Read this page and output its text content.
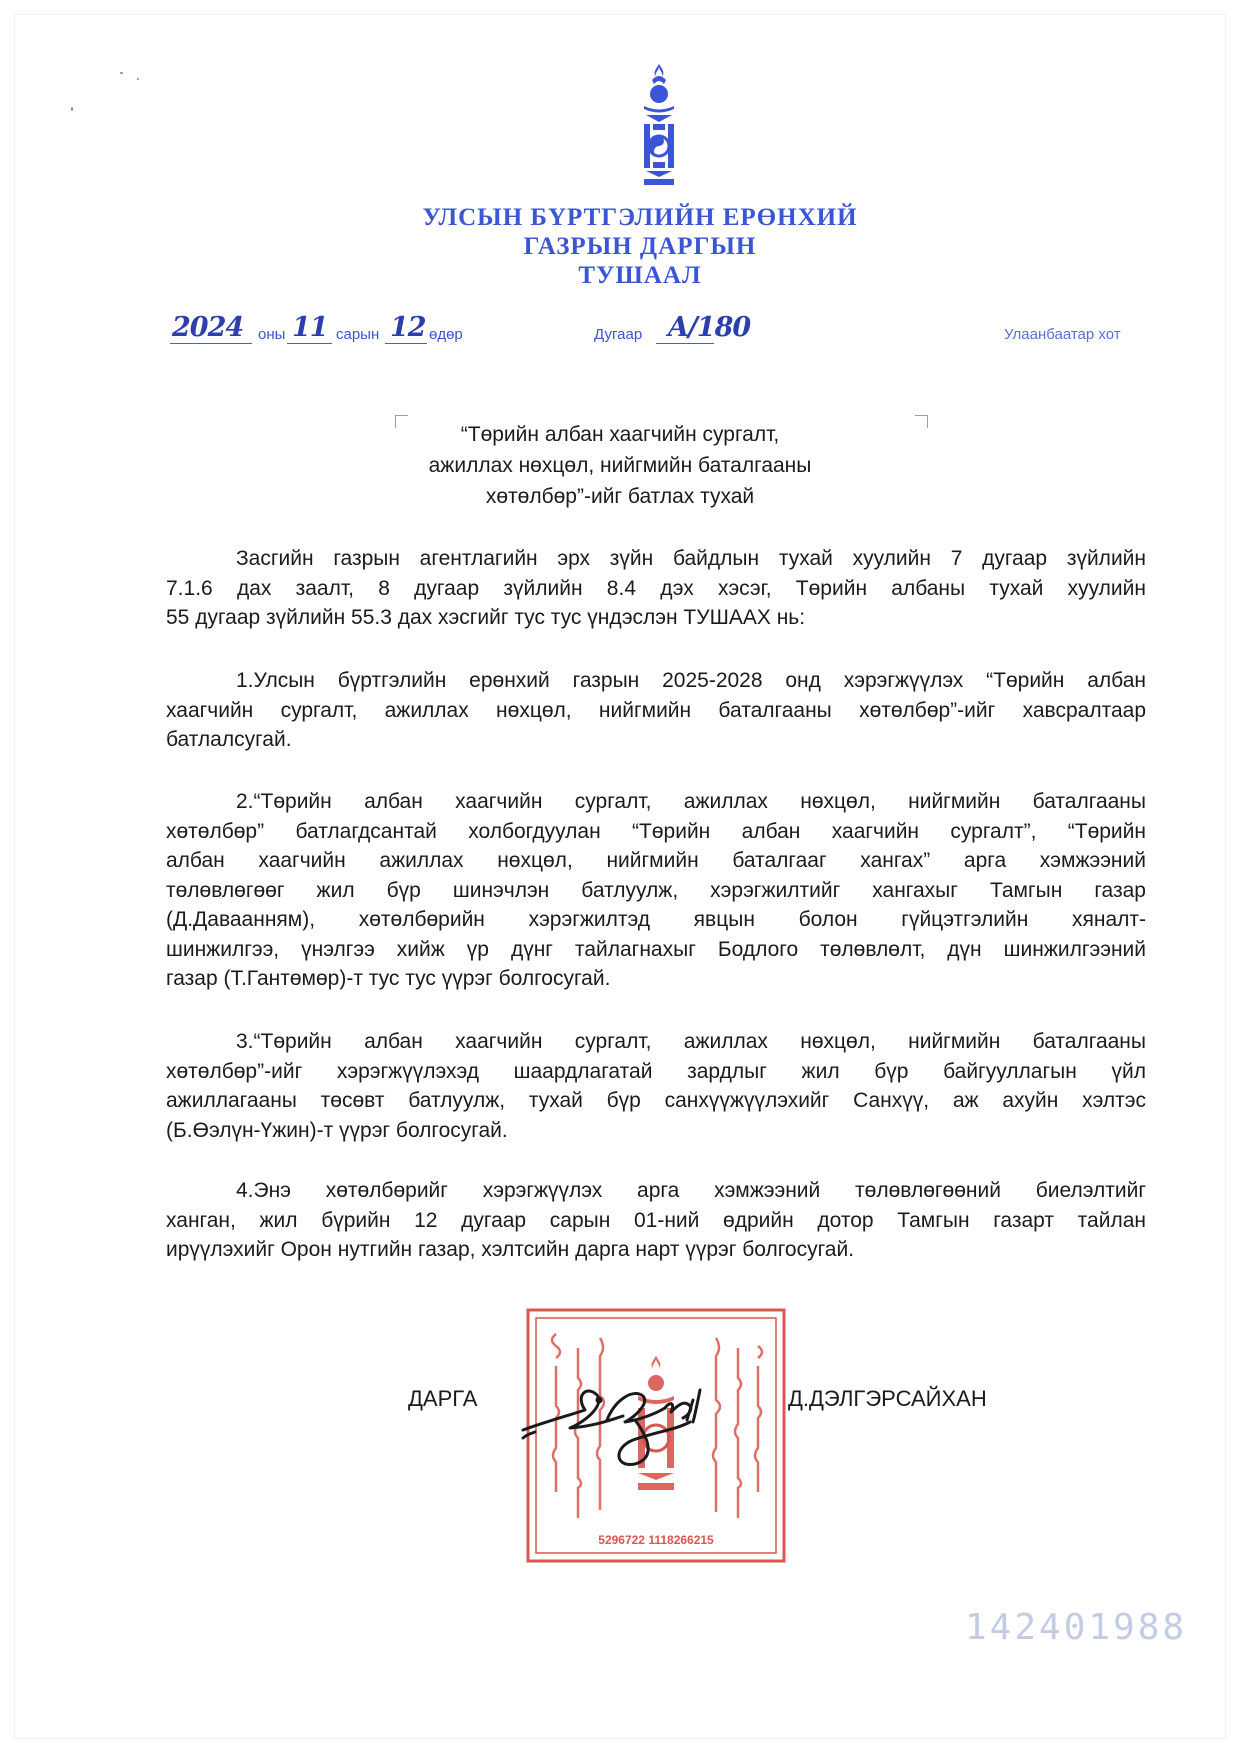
УЛСЫН БҮРТГЭЛИЙН ЕРӨНХИЙ
ГАЗРЫН ДАРГЫН
ТУШААЛ
2024 оны 11 сарын 12 өдөр	Дугаар A/180	Улаанбаатар хот
“Төрийн албан хаагчийн сургалт,
ажиллах нөхцөл, нийгмийн баталгааны
хөтөлбөр”-ийг батлах тухай
Засгийн газрын агентлагийн эрх зүйн байдлын тухай хуулийн 7 дугаар зүйлийн
7.1.6 дах заалт, 8 дугаар зүйлийн 8.4 дэх хэсэг, Төрийн албаны тухай хуулийн
55 дугаар зүйлийн 55.3 дах хэсгийг тус тус үндэслэн ТУШААХ нь:
1.Улсын бүртгэлийн ерөнхий газрын 2025-2028 онд хэрэгжүүлэх “Төрийн албан
хаагчийн сургалт, ажиллах нөхцөл, нийгмийн баталгааны хөтөлбөр”-ийг хавсралтаар
батлалсугай.
2.“Төрийн албан хаагчийн сургалт, ажиллах нөхцөл, нийгмийн баталгааны
хөтөлбөр” батлагдсантай холбогдуулан “Төрийн албан хаагчийн сургалт”, “Төрийн
албан хаагчийн ажиллах нөхцөл, нийгмийн баталгааг хангах” арга хэмжээний
төлөвлөгөөг жил бүр шинэчлэн батлуулж, хэрэгжилтийг хангахыг Тамгын газар
(Д.Даваанням), хөтөлбөрийн хэрэгжилтэд явцын болон гүйцэтгэлийн хяналт-
шинжилгээ, үнэлгээ хийж үр дүнг тайлагнахыг Бодлого төлөвлөлт, дүн шинжилгээний
газар (Т.Гантөмөр)-т тус тус үүрэг болгосугай.
3.“Төрийн албан хаагчийн сургалт, ажиллах нөхцөл, нийгмийн баталгааны
хөтөлбөр”-ийг хэрэгжүүлэхэд шаардлагатай зардлыг жил бүр байгууллагын үйл
ажиллагааны төсөвт батлуулж, тухай бүр санхүүжүүлэхийг Санхүү, аж ахуйн хэлтэс
(Б.Өэлүн-Үжин)-т үүрэг болгосугай.
4.Энэ хөтөлбөрийг хэрэгжүүлэх арга хэмжээний төлөвлөгөөний биелэлтийг
ханган, жил бүрийн 12 дугаар сарын 01-ний өдрийн дотор Тамгын газарт тайлан
ирүүлэхийг Орон нутгийн газар, хэлтсийн дарга нарт үүрэг болгосугай.
5296722 1118266215
ДАРГА	Д.ДЭЛГЭРСАЙХАН
142401988
